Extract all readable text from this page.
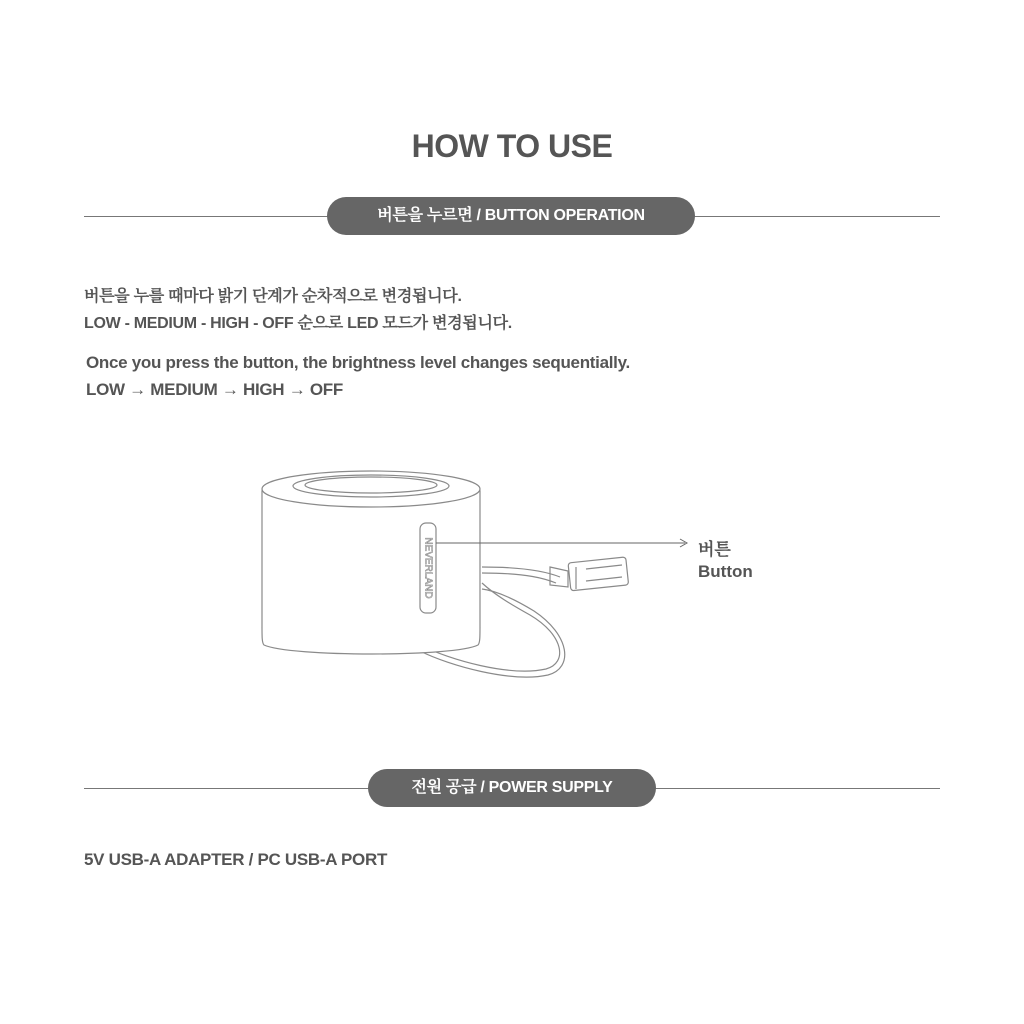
HOW TO USE
버튼을 누르면 / BUTTON OPERATION
버튼을 누를 때마다 밝기 단계가 순차적으로 변경됩니다.
LOW - MEDIUM - HIGH - OFF 순으로 LED 모드가 변경됩니다.
Once you press the button, the brightness level changes sequentially.
LOW → MEDIUM → HIGH → OFF
NEVERLAND	버튼
Button
전원 공급 / POWER SUPPLY
5V USB-A ADAPTER / PC USB-A PORT
